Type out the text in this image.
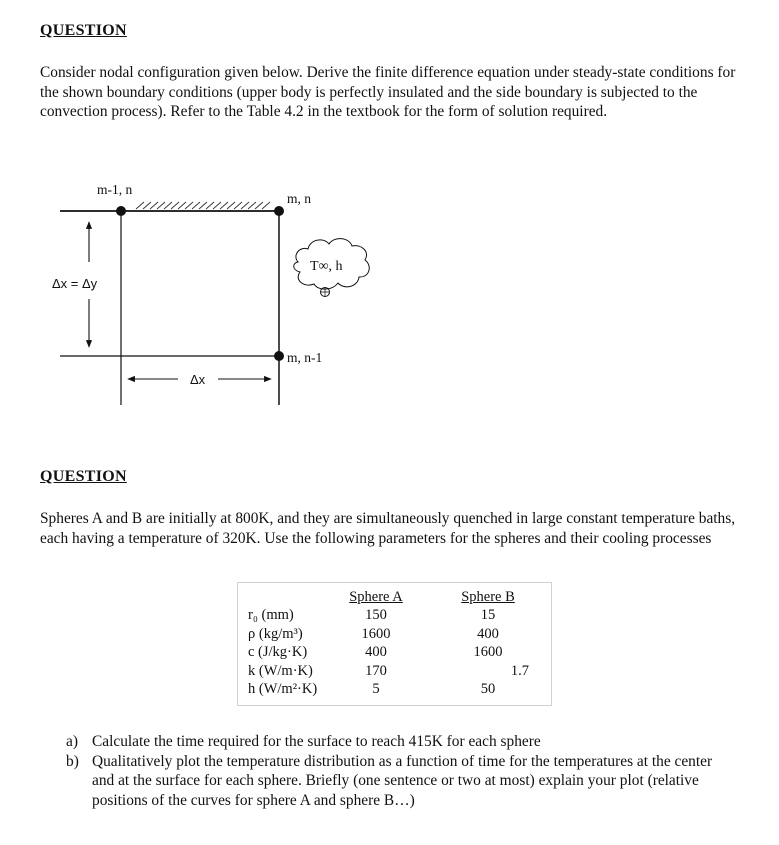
QUESTION

Consider nodal configuration given below. Derive the finite difference equation under steady-state conditions for the shown boundary conditions (upper body is perfectly insulated and the side boundary is subjected to the convection process). Refer to the Table 4.2 in the textbook for the form of solution required.

m-1, n
m, n
m, n-1
Δx = Δy
Δx
T∞, h
QUESTION

Spheres A and B are initially at 800K, and they are simultaneously quenched in large constant temperature baths, each having a temperature of 320K. Use the following parameters for the spheres and their cooling processes

	Sphere A	Sphere B
r₀ (mm)	150	15
ρ (kg/m³)	1600	400
c (J/kg·K)	400	1600
k (W/m·K)	170	1.7
h (W/m²·K)	5	50
a) Calculate the time required for the surface to reach 415K for each sphere
b) Qualitatively plot the temperature distribution as a function of time for the temperatures at the center and at the surface for each sphere. Briefly (one sentence or two at most) explain your plot (relative positions of the curves for sphere A and sphere B…)
